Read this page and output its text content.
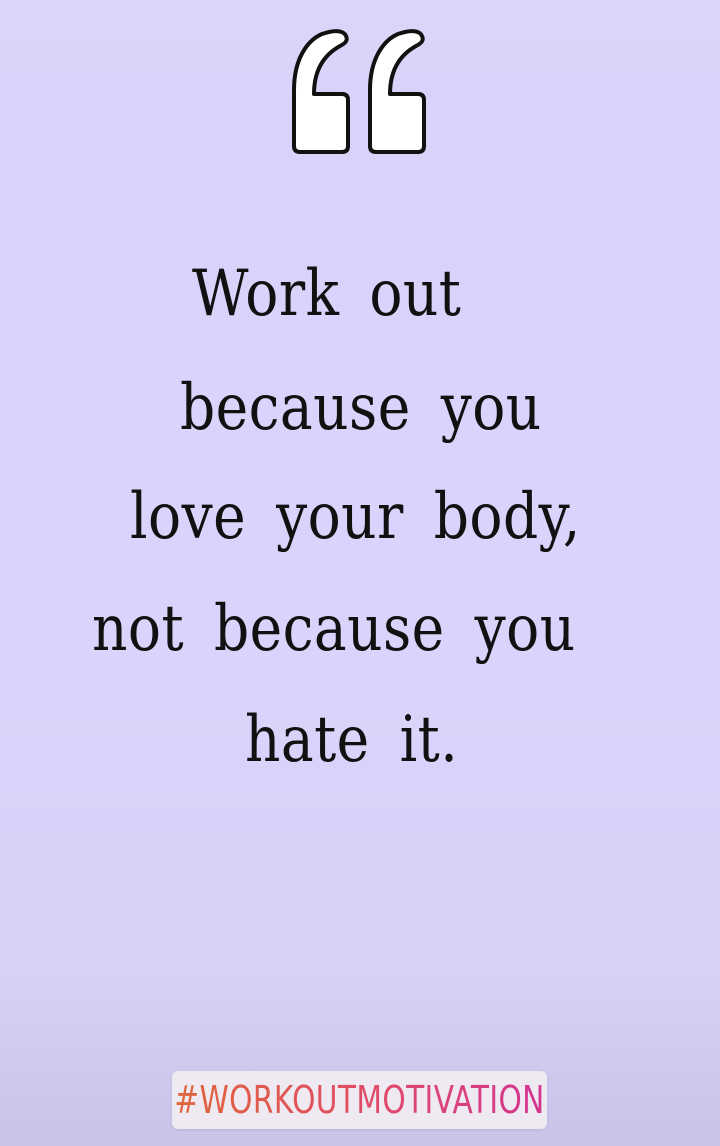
Work out

because you

love your body,

not because you

hate it.

#WORKOUTMOTIVATION
